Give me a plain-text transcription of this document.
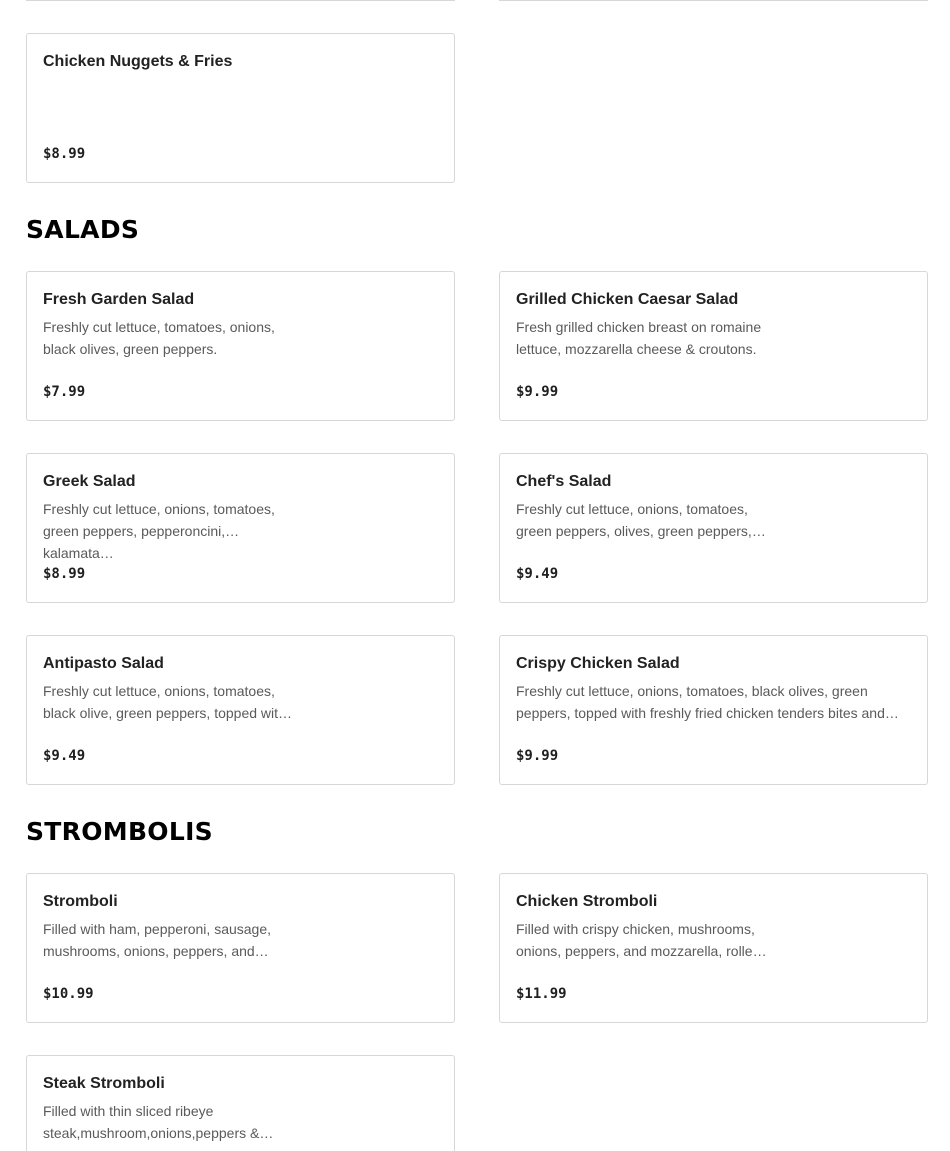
Chicken Nuggets & Fries
$8.99
SALADS
Fresh Garden Salad
Freshly cut lettuce, tomatoes, onions, black olives, green peppers.
$7.99
Grilled Chicken Caesar Salad
Fresh grilled chicken breast on romaine lettuce, mozzarella cheese & croutons.
$9.99
Greek Salad
Freshly cut lettuce, onions, tomatoes, green peppers, pepperoncini, kalamata…
$8.99
Chef's Salad
Freshly cut lettuce, onions, tomatoes, green peppers, olives, green peppers,…
$9.49
Antipasto Salad
Freshly cut lettuce, onions, tomatoes, black olive, green peppers, topped wit…
$9.49
Crispy Chicken Salad
Freshly cut lettuce, onions, tomatoes, black olives, green peppers, topped with freshly fried chicken tenders bites and…
$9.99
STROMBOLIS
Stromboli
Filled with ham, pepperoni, sausage, mushrooms, onions, peppers, and…
$10.99
Chicken Stromboli
Filled with crispy chicken, mushrooms, onions, peppers, and mozzarella, rolle…
$11.99
Steak Stromboli
Filled with thin sliced ribeye steak,mushroom,onions,peppers &…
